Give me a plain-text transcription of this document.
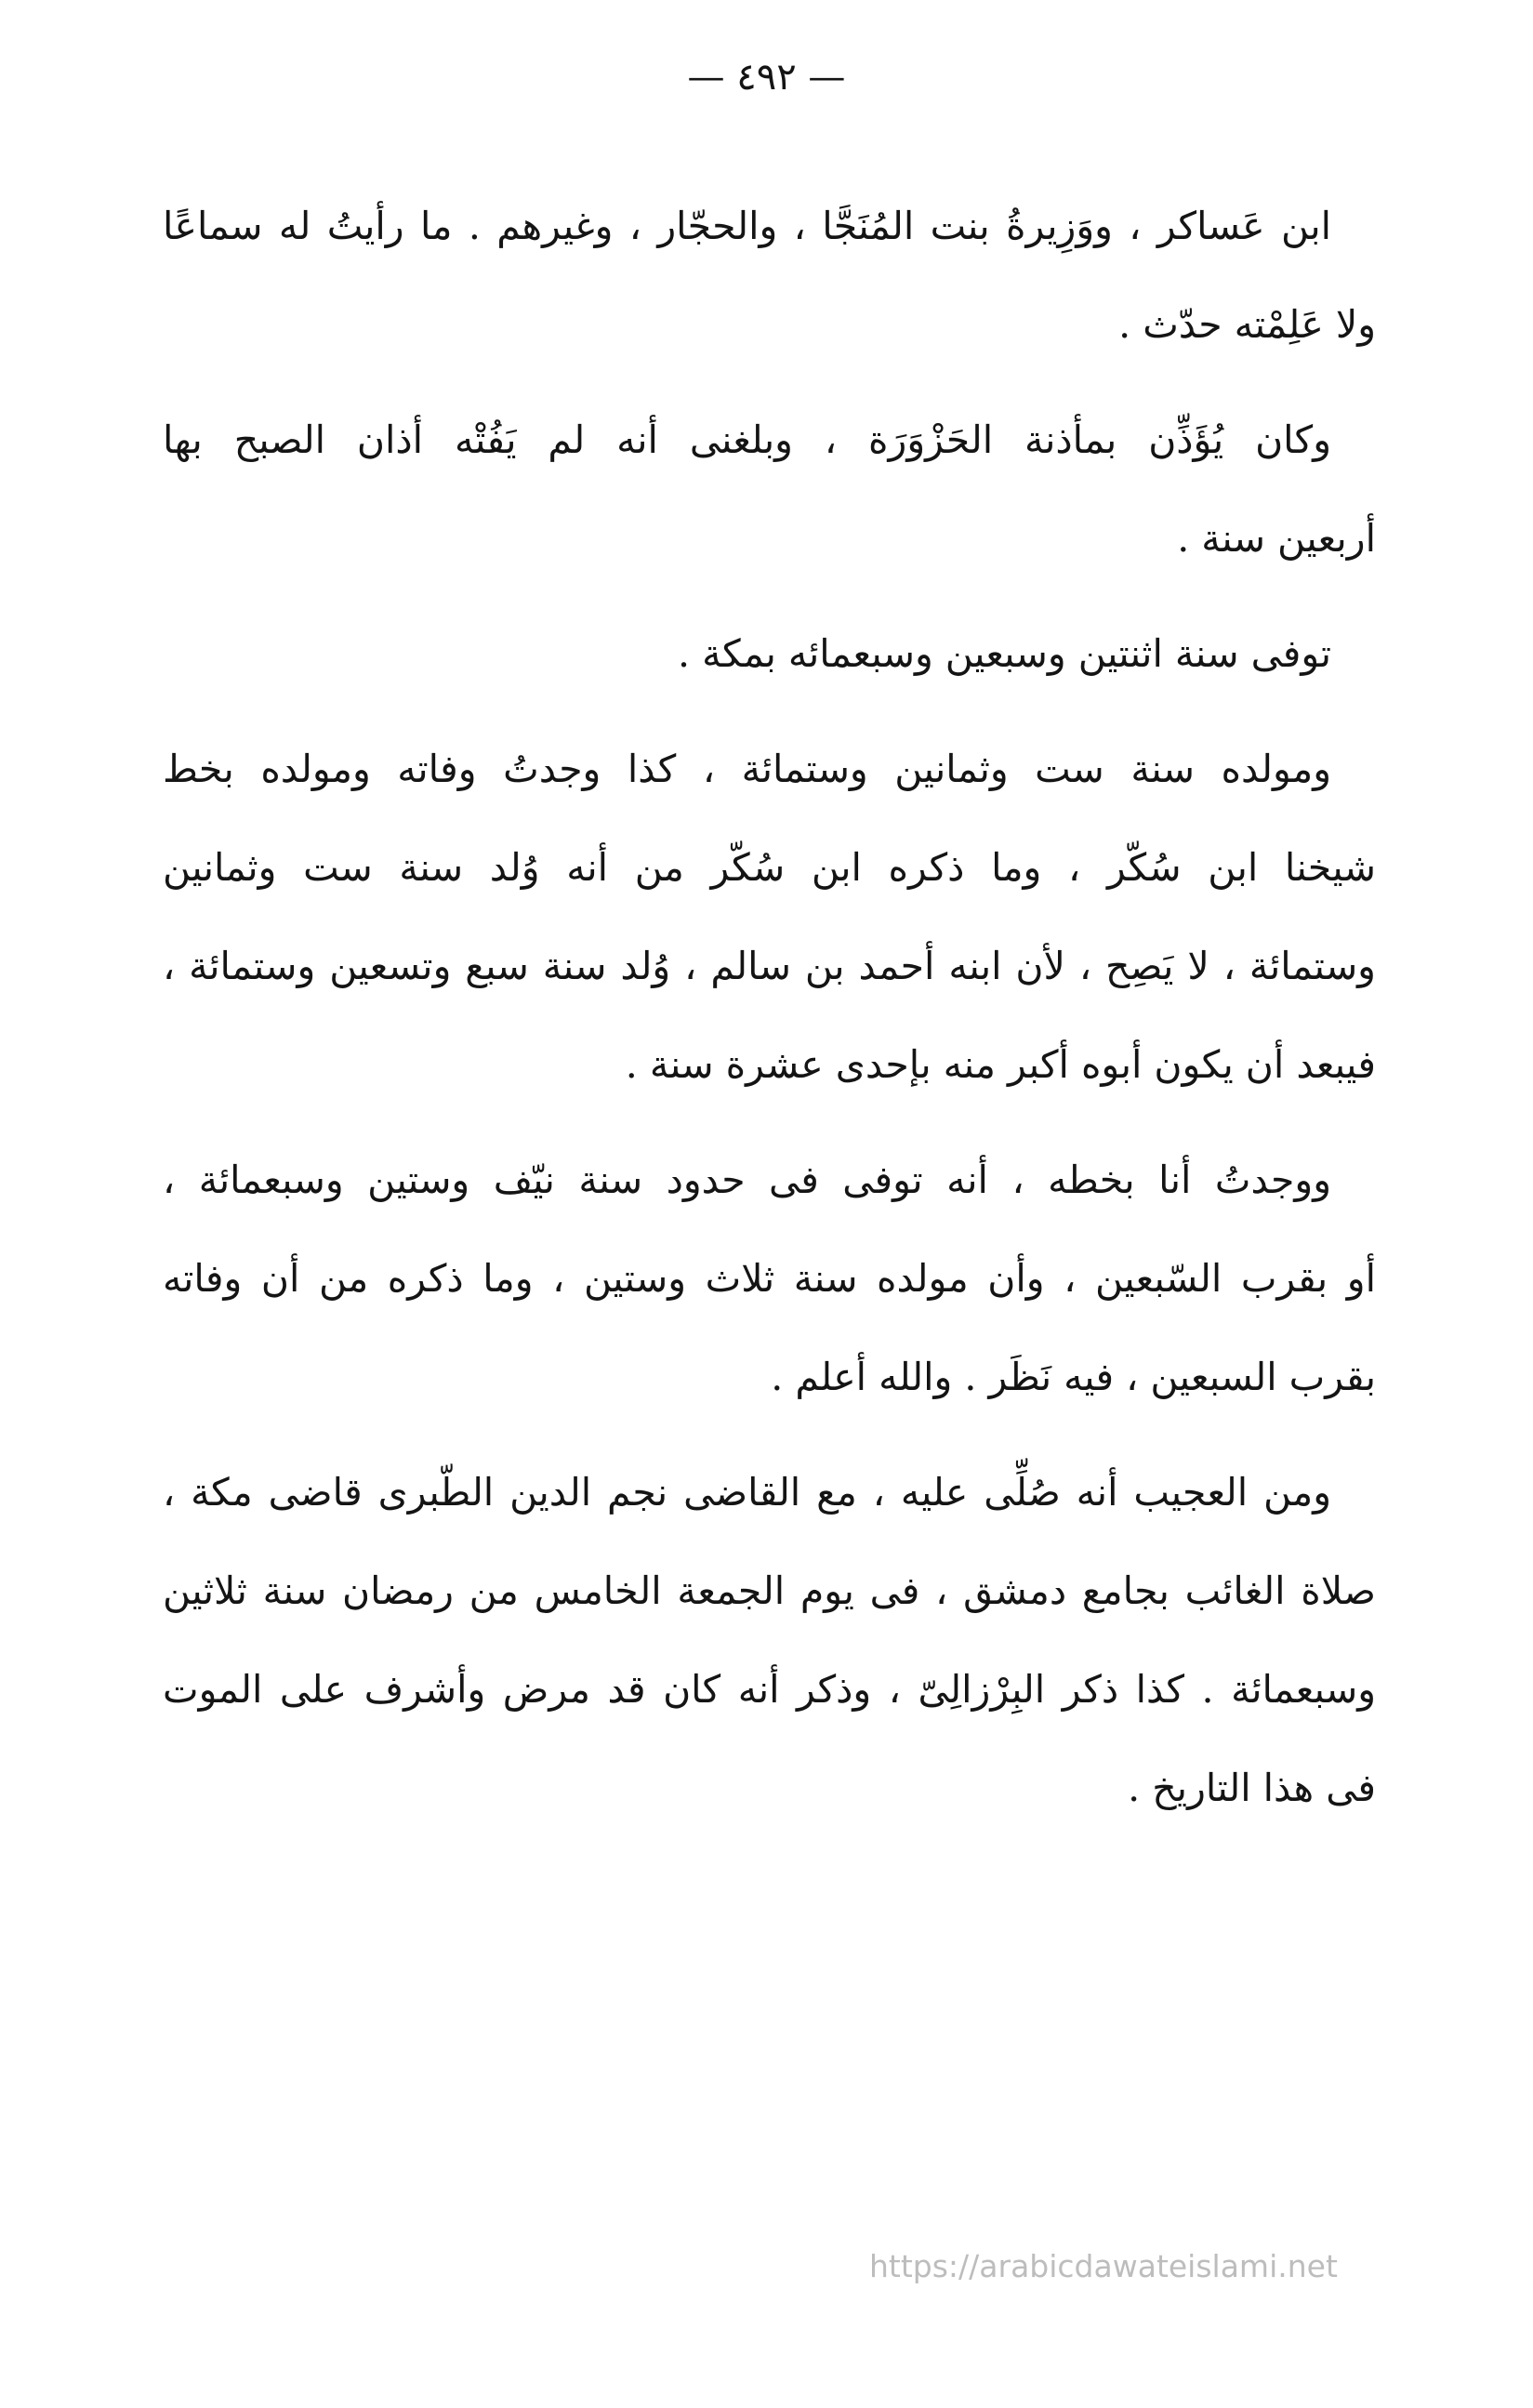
— ٤٩٢ —
ابن عَساكر ، ووَزِيرةُ بنت المُنَجَّا ، والحجّار ، وغيرهم . ما رأيتُ له سماعًا
ولا عَلِمْته حدّث .
وكان يُؤَذِّن بمأذنة الحَزْوَرَة ، وبلغنى أنه لم يَفُتْه أذان الصبح بها
أربعين سنة .
توفى سنة اثنتين وسبعين وسبعمائه بمكة .
ومولده سنة ست وثمانين وستمائة ، كذا وجدتُ وفاته ومولده بخط
شيخنا ابن سُكّر ، وما ذكره ابن سُكّر من أنه وُلد سنة ست وثمانين
وستمائة ، لا يَصِح ، لأن ابنه أحمد بن سالم ، وُلد سنة سبع وتسعين وستمائة ،
فيبعد أن يكون أبوه أكبر منه بإحدى عشرة سنة .
ووجدتُ أنا بخطه ، أنه توفى فى حدود سنة نيّف وستين وسبعمائة ،
أو بقرب السّبعين ، وأن مولده سنة ثلاث وستين ، وما ذكره من أن وفاته
بقرب السبعين ، فيه نَظَر . والله أعلم .
ومن العجيب أنه صُلِّى عليه ، مع القاضى نجم الدين الطّبرى قاضى مكة ،
صلاة الغائب بجامع دمشق ، فى يوم الجمعة الخامس من رمضان سنة ثلاثين
وسبعمائة . كذا ذكر البِرْزالِىّ ، وذكر أنه كان قد مرض وأشرف على الموت
فى هذا التاريخ .
https://arabicdawateislami.net
